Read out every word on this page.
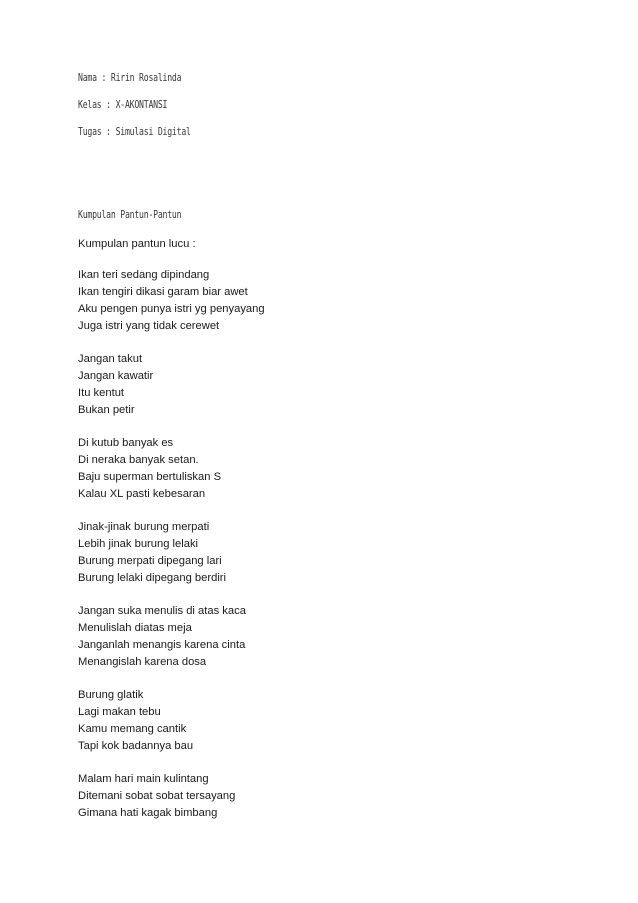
Nama : Ririn Rosalinda
Kelas : X-AKONTANSI
Tugas : Simulasi Digital
Kumpulan Pantun-Pantun
Kumpulan pantun lucu :
Ikan teri sedang dipindang
Ikan tengiri dikasi garam biar awet
Aku pengen punya istri yg penyayang
Juga istri yang tidak cerewet
Jangan takut
Jangan kawatir
Itu kentut
Bukan petir
Di kutub banyak es
Di neraka banyak setan.
Baju superman bertuliskan S
Kalau XL pasti kebesaran
Jinak-jinak burung merpati
Lebih jinak burung lelaki
Burung merpati dipegang lari
Burung lelaki dipegang berdiri
Jangan suka menulis di atas kaca
Menulislah diatas meja
Janganlah menangis karena cinta
Menangislah karena dosa
Burung glatik
Lagi makan tebu
Kamu memang cantik
Tapi kok badannya bau
Malam hari main kulintang
Ditemani sobat sobat tersayang
Gimana hati kagak bimbang
